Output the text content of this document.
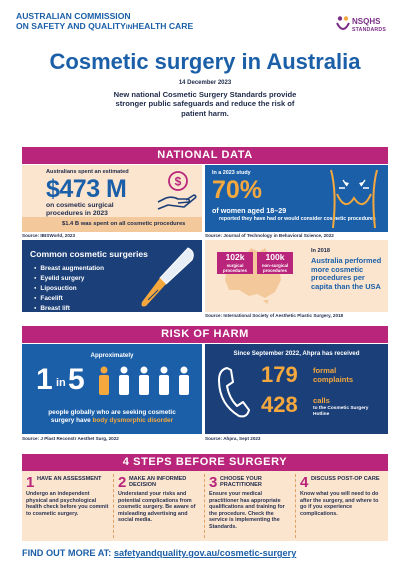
AUSTRALIAN COMMISSION
ON SAFETY AND QUALITYINHEALTH CARE	NSQHS
STANDARDS
Cosmetic surgery in Australia
14 December 2023
New national Cosmetic Surgery Standards provide stronger public safeguards and reduce the risk of patient harm.
NATIONAL DATA
Australians spent an estimated
$473 M
on cosmetic surgical procedures in 2023
$
$1.4 B was spent on all cosmetic procedures
Source: IBISWorld, 2023
In a 2023 study
70%
of women aged 18–29
reported they have had or would consider cosmetic procedures
Source: Journal of Technology in Behavioral Science, 2022
Common cosmetic surgeries
● Breast augmentation
● Eyelid surgery
● Liposuction
● Facelift
● Breast lift
102k
surgical procedures
100k
non-surgical procedures
In 2018
Australia performed more cosmetic procedures per capita than the USA
Source: International Society of Aesthetic Plastic Surgery, 2018
RISK OF HARM
Approximately
1 in 5
people globally who are seeking cosmetic
surgery have body dysmorphic disorder
Source: J Plast Reconstr Aesthet Surg, 2022
Since September 2022, Ahpra has received
179 formal complaints
428 calls
to the Cosmetic Surgery Hotline
Source: Ahpra, Sept 2023
4 STEPS BEFORE SURGERY
1 HAVE AN ASSESSMENT
Undergo an independent physical and psychological health check before you commit to cosmetic surgery.
2 MAKE AN INFORMED DECISION
Understand your risks and potential complications from cosmetic surgery. Be aware of misleading advertising and social media.
3 CHOOSE YOUR PRACTITIONER
Ensure your medical practitioner has appropriate qualifications and training for the procedure. Check the service is implementing the Standards.
4 DISCUSS POST-OP CARE
Know what you will need to do after the surgery, and where to go if you experience complications.
FIND OUT MORE AT: safetyandquality.gov.au/cosmetic-surgery
